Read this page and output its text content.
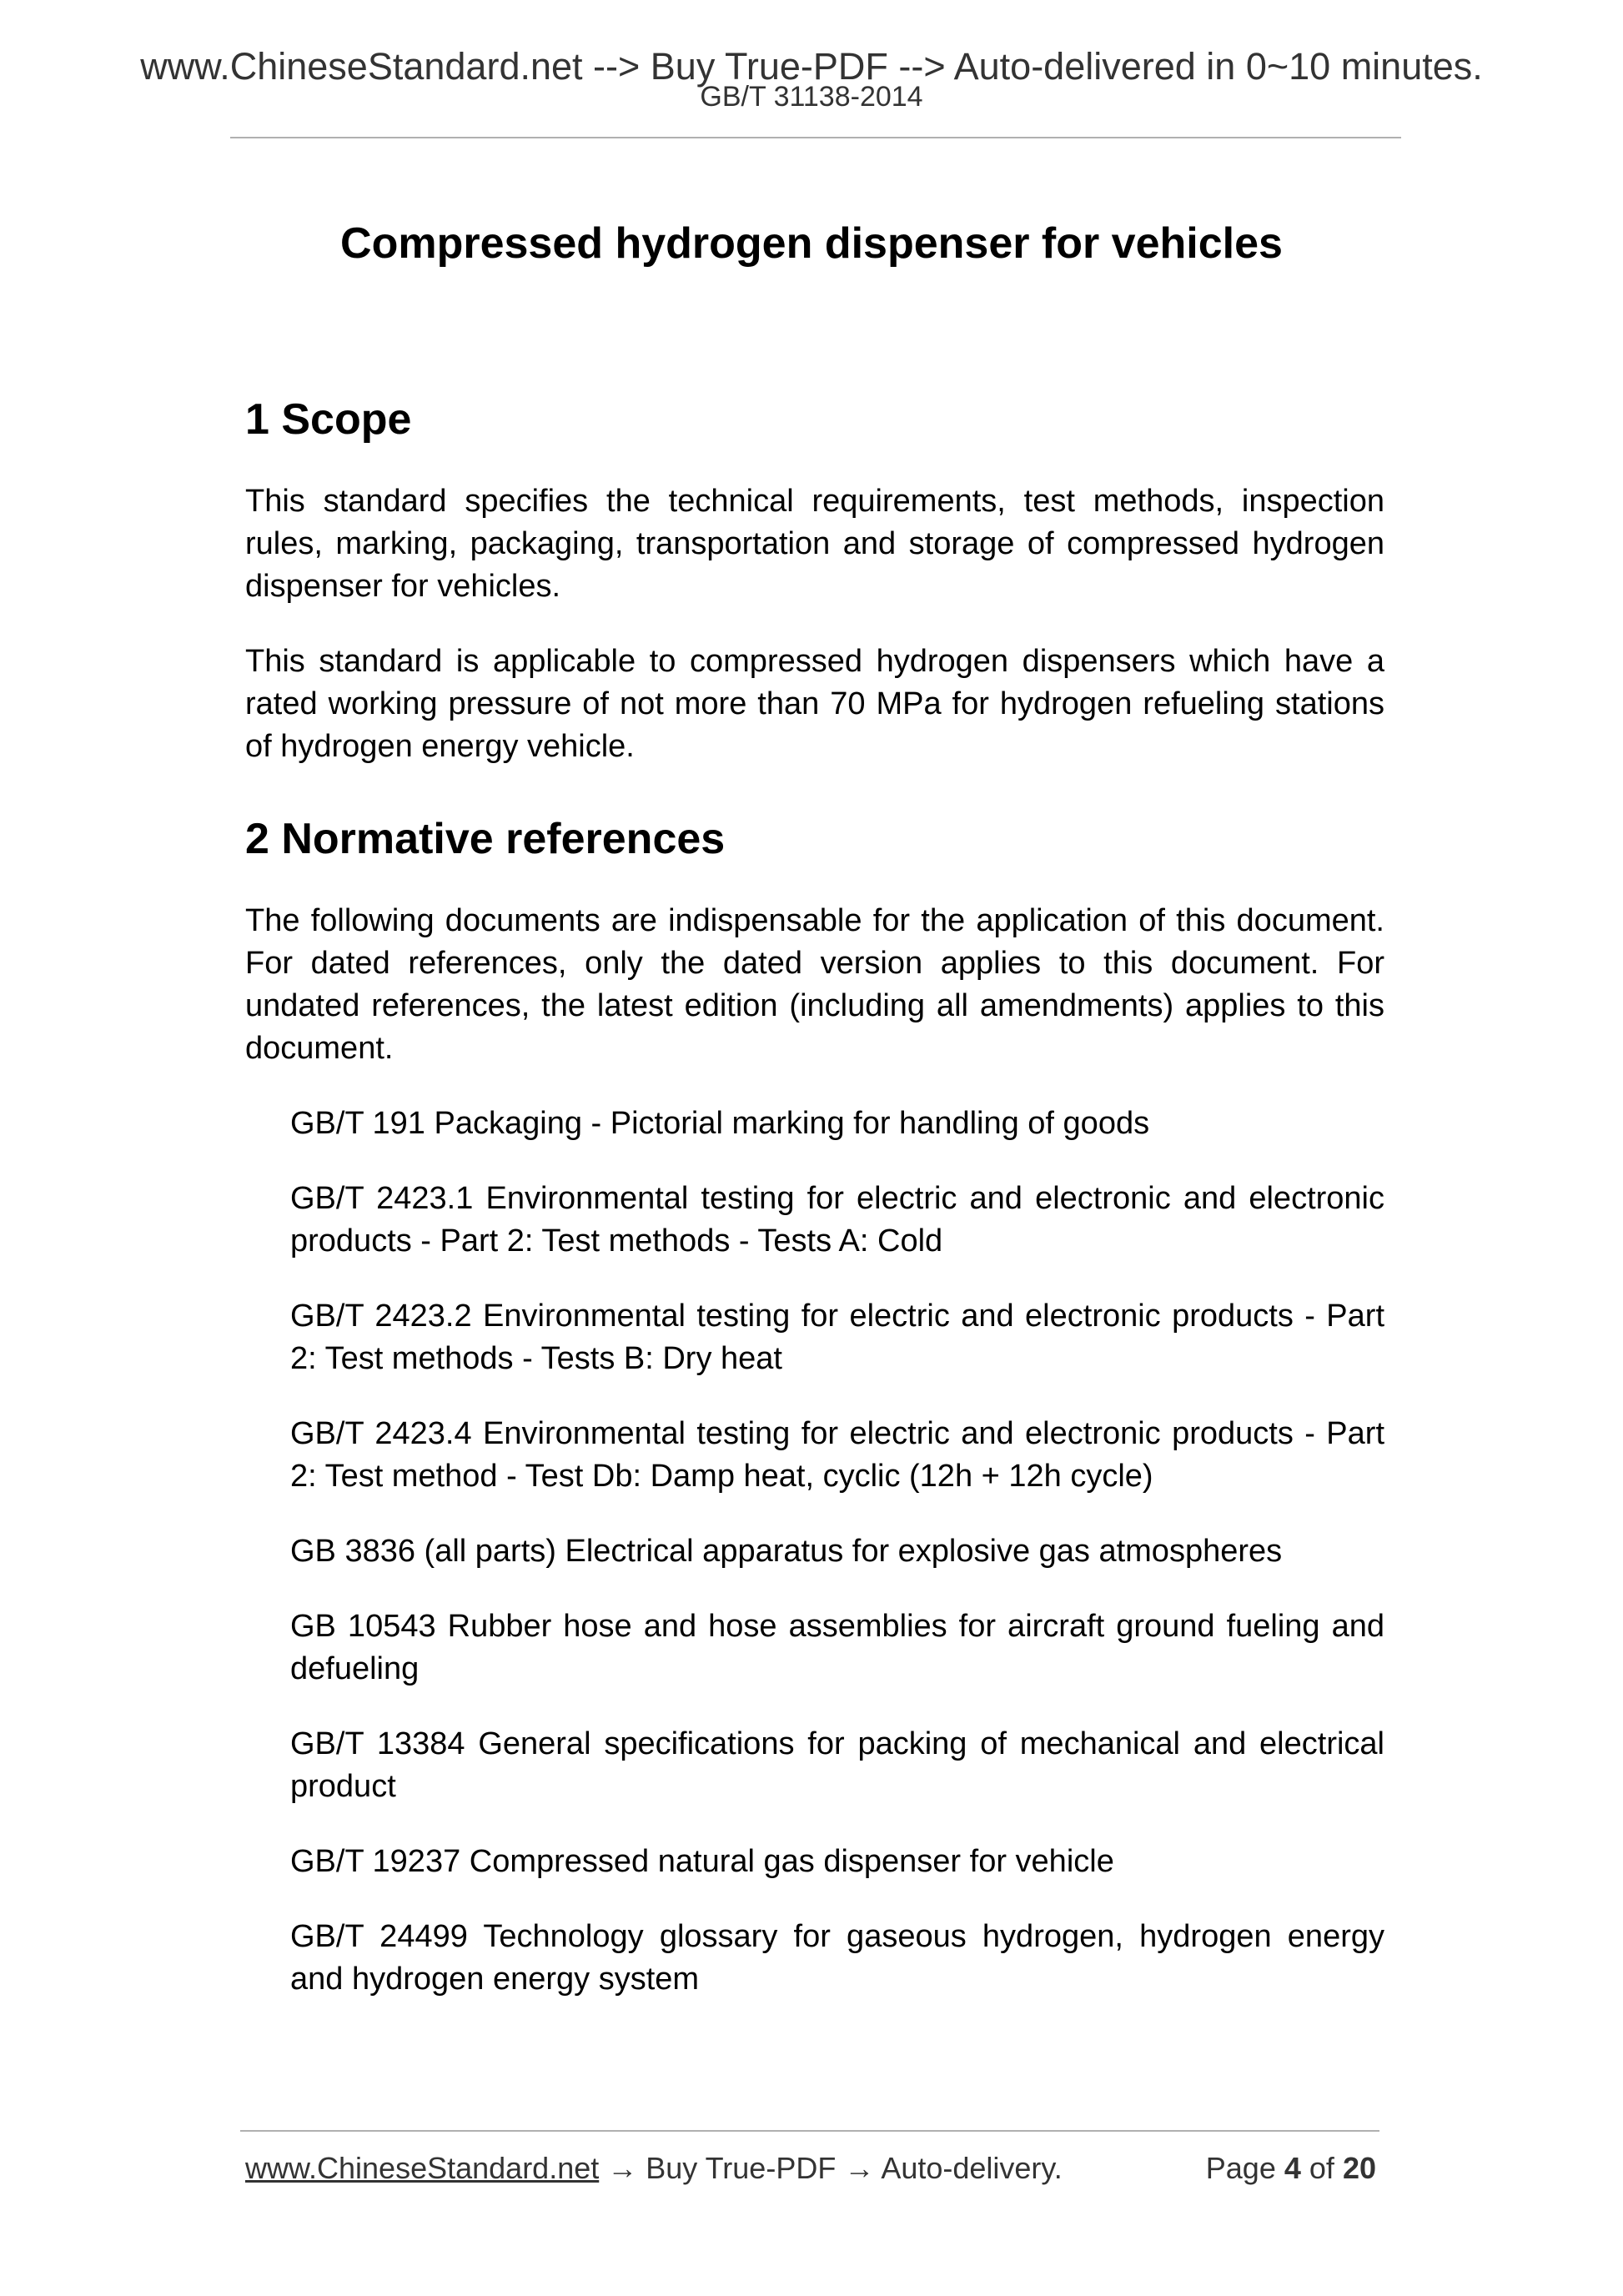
www.ChineseStandard.net --> Buy True-PDF --> Auto-delivered in 0~10 minutes.
GB/T 31138-2014
Compressed hydrogen dispenser for vehicles
1 Scope

This standard specifies the technical requirements, test methods, inspection rules, marking, packaging, transportation and storage of compressed hydrogen dispenser for vehicles.

This standard is applicable to compressed hydrogen dispensers which have a rated working pressure of not more than 70 MPa for hydrogen refueling stations of hydrogen energy vehicle.

2 Normative references

The following documents are indispensable for the application of this document. For dated references, only the dated version applies to this document. For undated references, the latest edition (including all amendments) applies to this document.

GB/T 191 Packaging - Pictorial marking for handling of goods
GB/T 2423.1 Environmental testing for electric and electronic and electronic products - Part 2: Test methods - Tests A: Cold
GB/T 2423.2 Environmental testing for electric and electronic products - Part 2: Test methods - Tests B: Dry heat
GB/T 2423.4 Environmental testing for electric and electronic products - Part 2: Test method - Test Db: Damp heat, cyclic (12h + 12h cycle)
GB 3836 (all parts) Electrical apparatus for explosive gas atmospheres
GB 10543 Rubber hose and hose assemblies for aircraft ground fueling and defueling
GB/T 13384 General specifications for packing of mechanical and electrical product
GB/T 19237 Compressed natural gas dispenser for vehicle
GB/T 24499 Technology glossary for gaseous hydrogen, hydrogen energy and hydrogen energy system
www.ChineseStandard.net → Buy True-PDF → Auto-delivery.	Page 4 of 20
